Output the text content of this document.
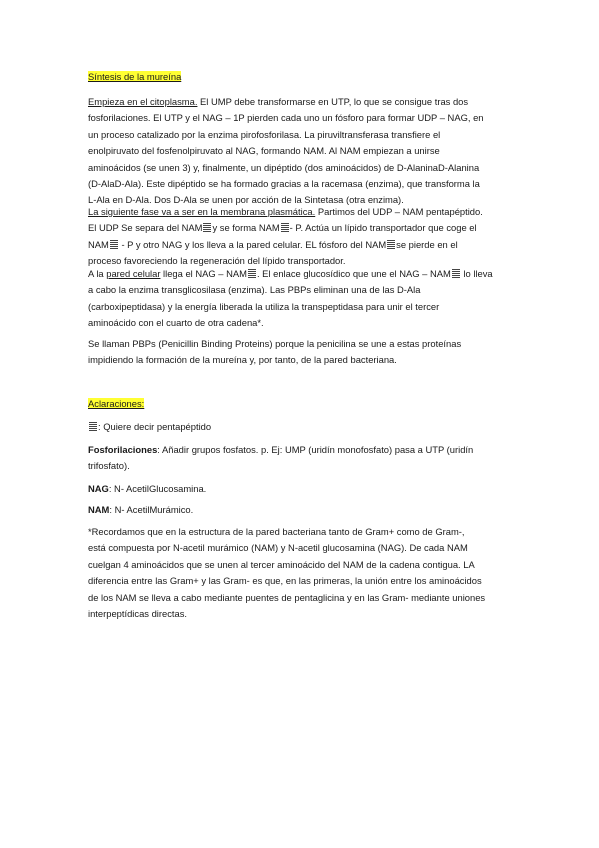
Síntesis de la mureína

Empieza en el citoplasma. El UMP debe transformarse en UTP, lo que se consigue tras dos

fosforilaciones. El UTP y el NAG – 1P pierden cada uno un fósforo para formar UDP – NAG, en

un proceso catalizado por la enzima pirofosforilasa. La piruviltransferasa transfiere el

enolpiruvato del fosfenolpiruvato al NAG, formando NAM. Al NAM empiezan a unirse

aminoácidos (se unen 3) y, finalmente, un dipéptido (dos aminoácidos) de D-AlaninaD-Alanina

(D-AlaD-Ala). Este dipéptido se ha formado gracias a la racemasa (enzima), que transforma la

L-Ala en D-Ala. Dos D-Ala se unen por acción de la Sintetasa (otra enzima).

La siguiente fase va a ser en la membrana plasmática. Partimos del UDP – NAM pentapéptido.

El UDP Se separa del NAM y se forma NAM - P. Actúa un lípido transportador que coge el

NAM - P y otro NAG y los lleva a la pared celular. EL fósforo del NAM se pierde en el

proceso favoreciendo la regeneración del lípido transportador.

A la pared celular llega el NAG – NAM . El enlace glucosídico que une el NAG – NAM lo lleva

a cabo la enzima transglicosilasa (enzima). Las PBPs eliminan una de las D-Ala

(carboxipeptidasa) y la energía liberada la utiliza la transpeptidasa para unir el tercer

aminoácido con el cuarto de otra cadena*.

Se llaman PBPs (Penicillin Binding Proteins) porque la penicilina se une a estas proteínas

impidiendo la formación de la mureína y, por tanto, de la pared bacteriana.

Aclaraciones:

: Quiere decir pentapéptido

Fosforilaciones: Añadir grupos fosfatos. p. Ej: UMP (uridín monofosfato) pasa a UTP (uridín

trifosfato).

NAG: N- AcetilGlucosamina.

NAM: N- AcetilMurámico.

*Recordamos que en la estructura de la pared bacteriana tanto de Gram+ como de Gram-,

está compuesta por N-acetil murámico (NAM) y N-acetil glucosamina (NAG). De cada NAM

cuelgan 4 aminoácidos que se unen al tercer aminoácido del NAM de la cadena contigua. LA

diferencia entre las Gram+ y las Gram- es que, en las primeras, la unión entre los aminoácidos

de los NAM se lleva a cabo mediante puentes de pentaglicina y en las Gram- mediante uniones

interpeptídicas directas.
